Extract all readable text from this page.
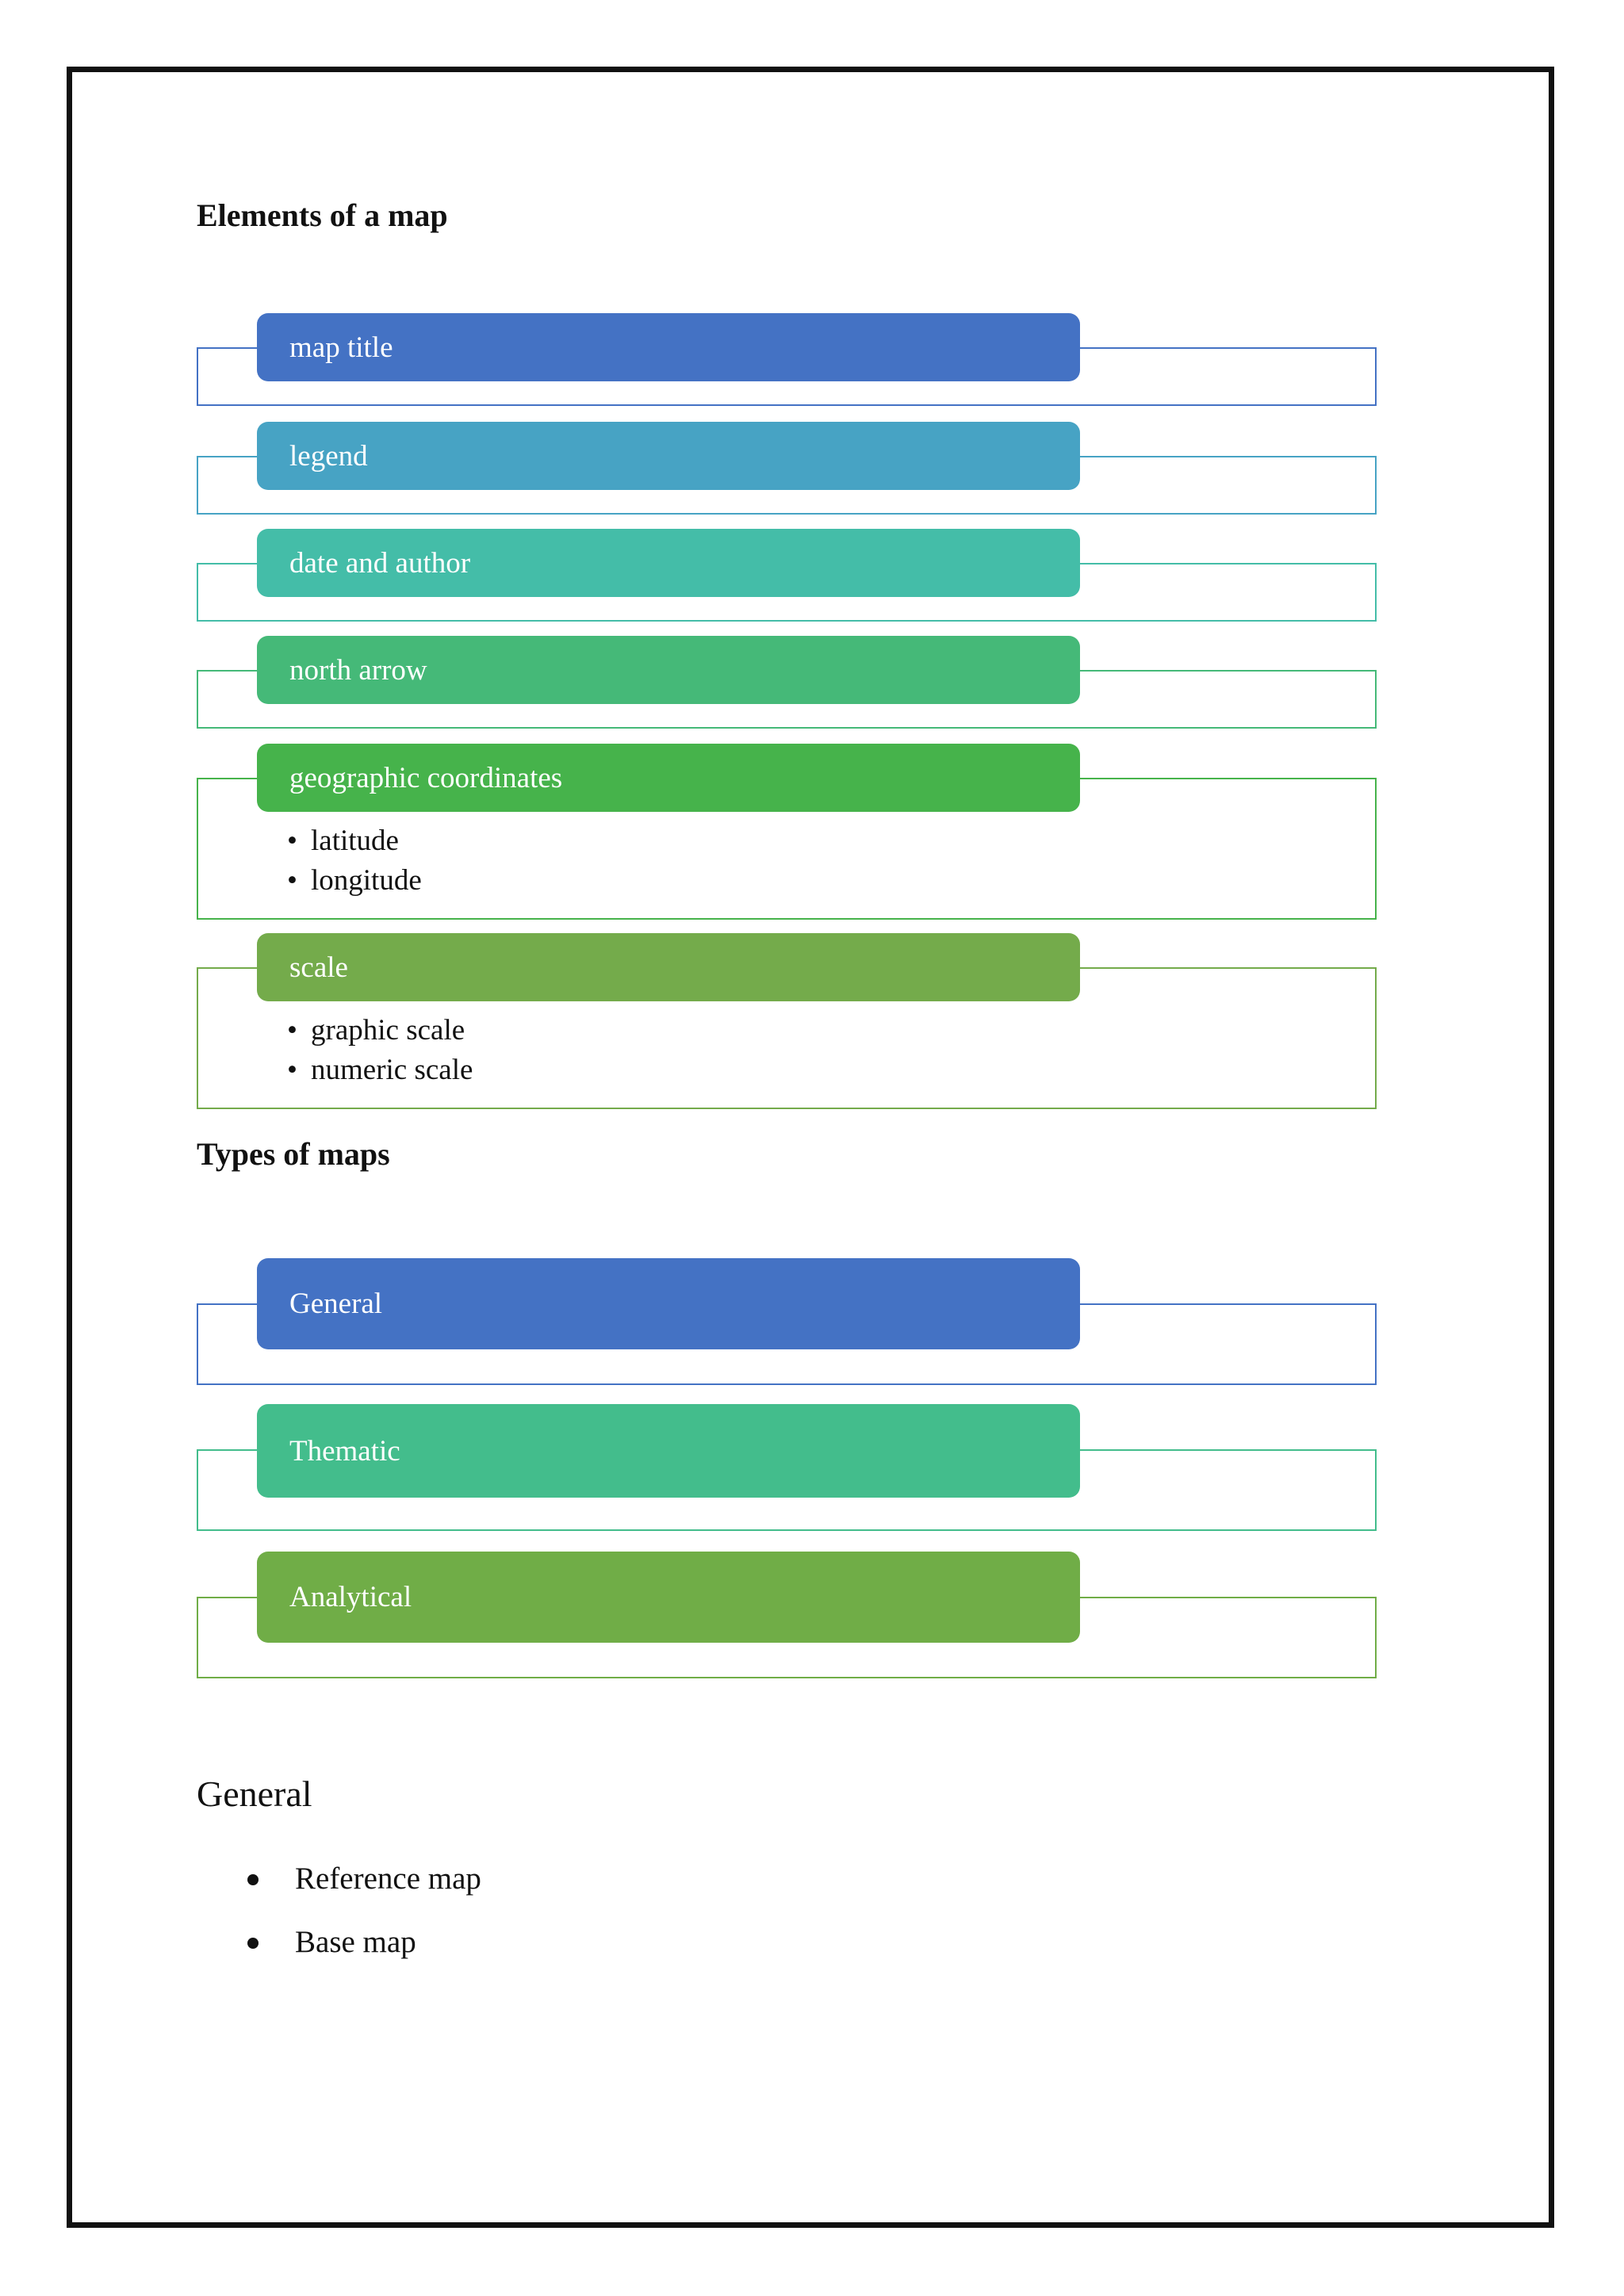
Elements of a map
map title
legend
date and author
north arrow
geographic coordinates
• latitude
• longitude
scale
• graphic scale
• numeric scale
Types of maps
General
Thematic
Analytical
General
Reference map
Base map
